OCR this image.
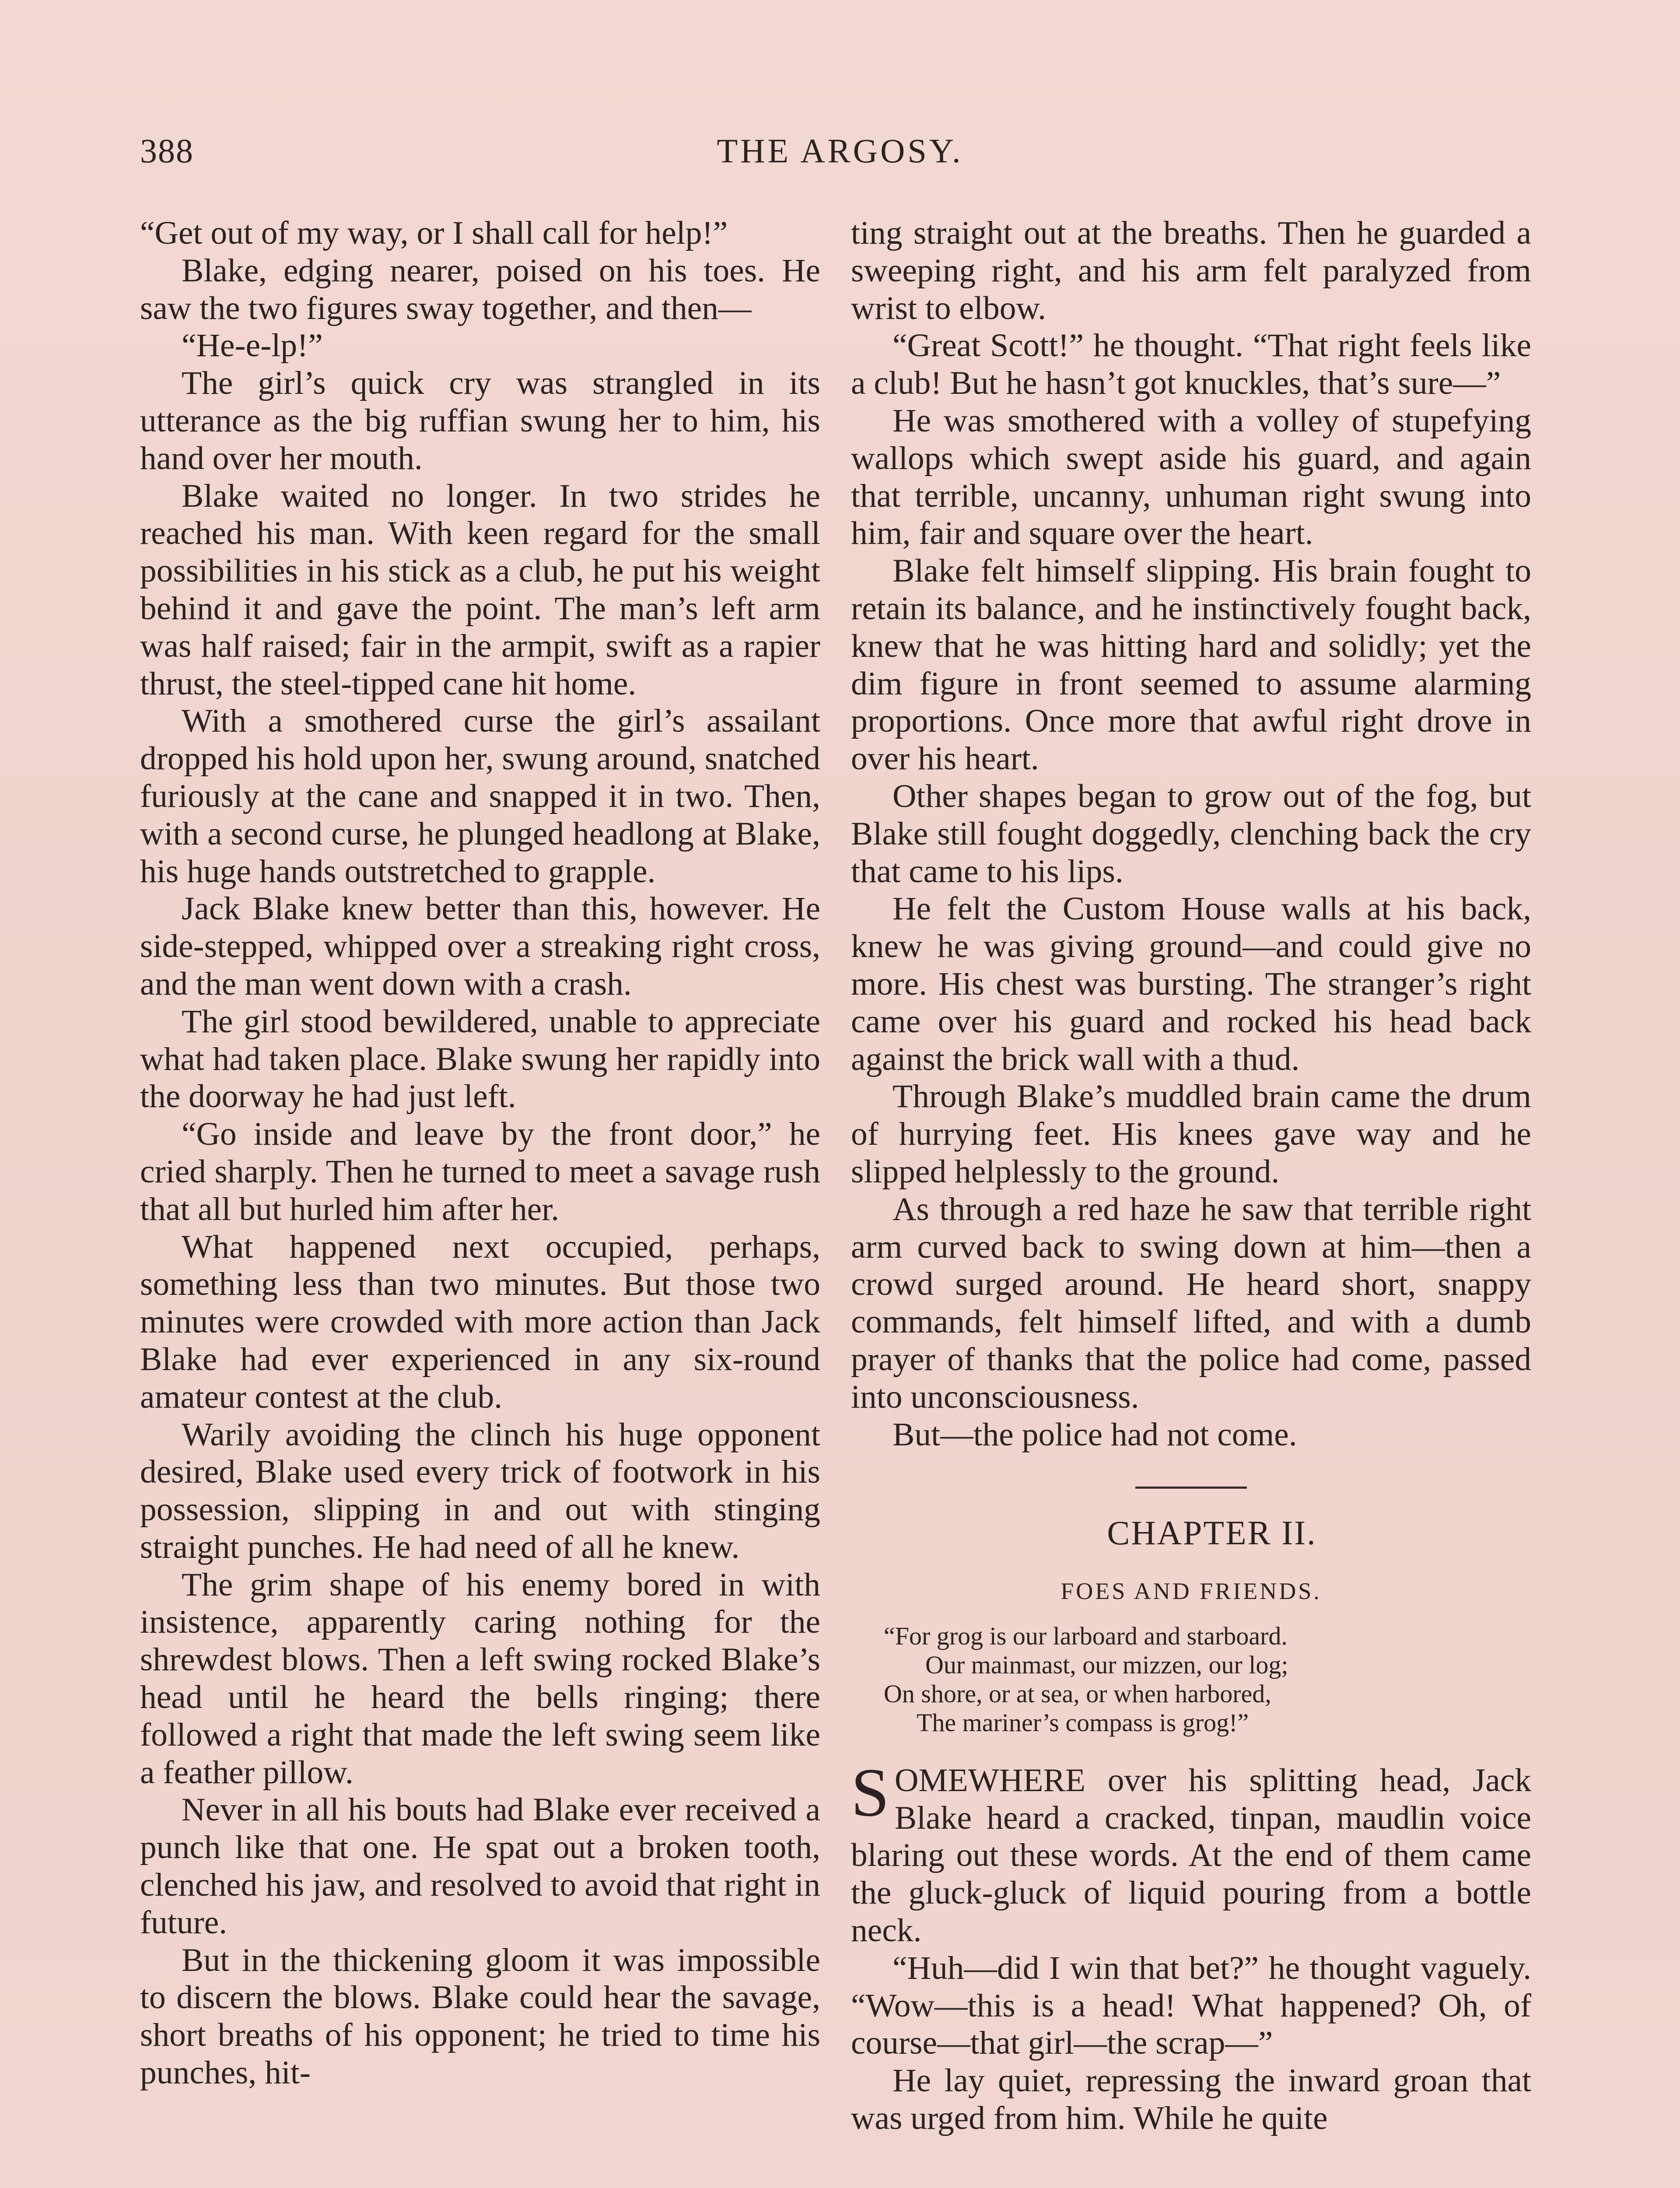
388	THE ARGOSY.

“Get out of my way, or I shall call for help!”

Blake, edging nearer, poised on his toes. He saw the two figures sway together, and then—

“He-e-lp!”

The girl’s quick cry was strangled in its utterance as the big ruffian swung her to him, his hand over her mouth.

Blake waited no longer. In two strides he reached his man. With keen regard for the small possibilities in his stick as a club, he put his weight behind it and gave the point. The man’s left arm was half raised; fair in the armpit, swift as a rapier thrust, the steel-tipped cane hit home.

With a smothered curse the girl’s assailant dropped his hold upon her, swung around, snatched furiously at the cane and snapped it in two. Then, with a second curse, he plunged headlong at Blake, his huge hands outstretched to grapple.

Jack Blake knew better than this, however. He side-stepped, whipped over a streaking right cross, and the man went down with a crash.

The girl stood bewildered, unable to appreciate what had taken place. Blake swung her rapidly into the doorway he had just left.

“Go inside and leave by the front door,” he cried sharply. Then he turned to meet a savage rush that all but hurled him after her.

What happened next occupied, perhaps, something less than two minutes. But those two minutes were crowded with more action than Jack Blake had ever experienced in any six-round amateur contest at the club.

Warily avoiding the clinch his huge opponent desired, Blake used every trick of footwork in his possession, slipping in and out with stinging straight punches. He had need of all he knew.

The grim shape of his enemy bored in with insistence, apparently caring nothing for the shrewdest blows. Then a left swing rocked Blake’s head until he heard the bells ringing; there followed a right that made the left swing seem like a feather pillow.

Never in all his bouts had Blake ever received a punch like that one. He spat out a broken tooth, clenched his jaw, and resolved to avoid that right in future.

But in the thickening gloom it was impossible to discern the blows. Blake could hear the savage, short breaths of his opponent; he tried to time his punches, hit-

ting straight out at the breaths. Then he guarded a sweeping right, and his arm felt paralyzed from wrist to elbow.

“Great Scott!” he thought. “That right feels like a club! But he hasn’t got knuckles, that’s sure—”

He was smothered with a volley of stupefying wallops which swept aside his guard, and again that terrible, uncanny, unhuman right swung into him, fair and square over the heart.

Blake felt himself slipping. His brain fought to retain its balance, and he instinctively fought back, knew that he was hitting hard and solidly; yet the dim figure in front seemed to assume alarming proportions. Once more that awful right drove in over his heart.

Other shapes began to grow out of the fog, but Blake still fought doggedly, clenching back the cry that came to his lips.

He felt the Custom House walls at his back, knew he was giving ground—and could give no more. His chest was bursting. The stranger’s right came over his guard and rocked his head back against the brick wall with a thud.

Through Blake’s muddled brain came the drum of hurrying feet. His knees gave way and he slipped helplessly to the ground.

As through a red haze he saw that terrible right arm curved back to swing down at him—then a crowd surged around. He heard short, snappy commands, felt himself lifted, and with a dumb prayer of thanks that the police had come, passed into unconsciousness.

But—the police had not come.

CHAPTER II.

FOES AND FRIENDS.
“For grog is our larboard and starboard.
Our mainmast, our mizzen, our log;
On shore, or at sea, or when harbored,
The mariner’s compass is grog!”

SOMEWHERE over his splitting head, Jack Blake heard a cracked, tinpan, maudlin voice blaring out these words. At the end of them came the gluck-gluck of liquid pouring from a bottle neck.

“Huh—did I win that bet?” he thought vaguely. “Wow—this is a head! What happened? Oh, of course—that girl—the scrap—”

He lay quiet, repressing the inward groan that was urged from him. While he quite
